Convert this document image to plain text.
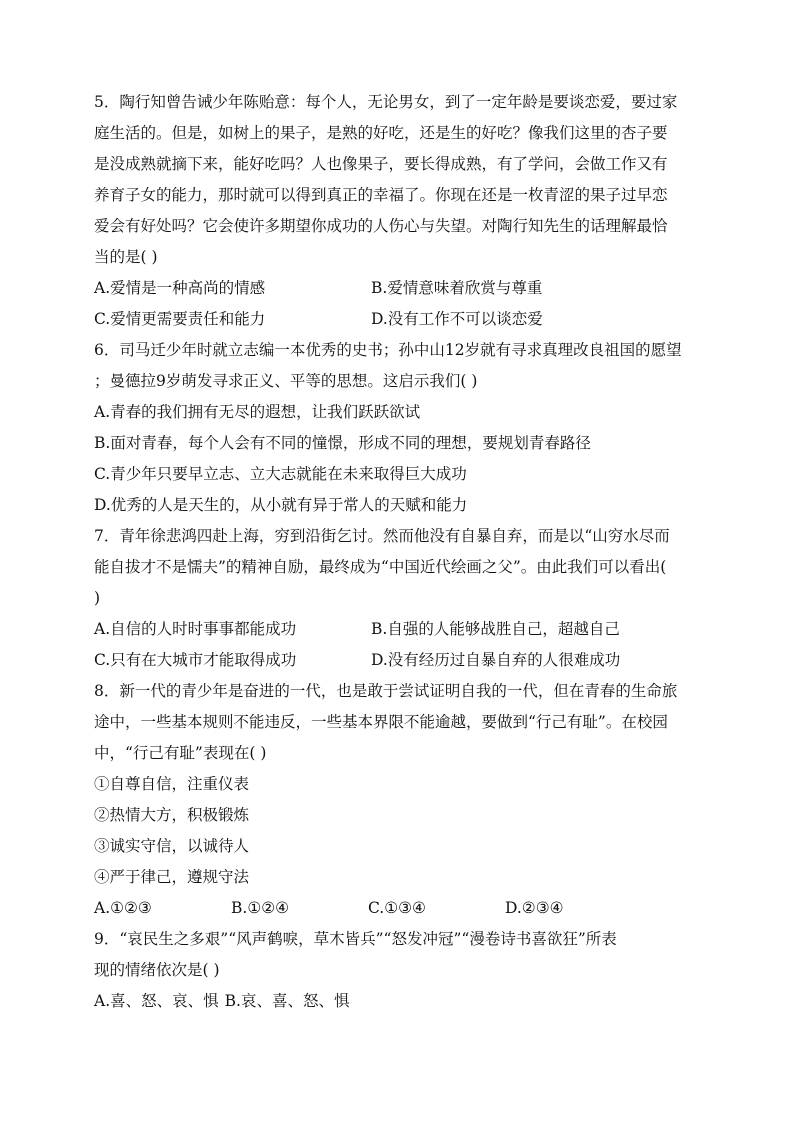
5．陶行知曾告诫少年陈贻意：每个人，无论男女，到了一定年龄是要谈恋爱，要过家
庭生活的。但是，如树上的果子，是熟的好吃，还是生的好吃？像我们这里的杏子要
是没成熟就摘下来，能好吃吗？人也像果子，要长得成熟，有了学问，会做工作又有
养育子女的能力，那时就可以得到真正的幸福了。你现在还是一枚青涩的果子过早恋
爱会有好处吗？它会使许多期望你成功的人伤心与失望。对陶行知先生的话理解最恰
当的是( )
A.爱情是一种高尚的情感	B.爱情意味着欣赏与尊重
C.爱情更需要责任和能力	D.没有工作不可以谈恋爱
6．司马迁少年时就立志编一本优秀的史书；孙中山12岁就有寻求真理改良祖国的愿望
；曼德拉9岁萌发寻求正义、平等的思想。这启示我们( )
A.青春的我们拥有无尽的遐想，让我们跃跃欲试
B.面对青春，每个人会有不同的憧憬，形成不同的理想，要规划青春路径
C.青少年只要早立志、立大志就能在未来取得巨大成功
D.优秀的人是天生的，从小就有异于常人的天赋和能力
7．青年徐悲鸿四赴上海，穷到沿街乞讨。然而他没有自暴自弃，而是以“山穷水尽而
能自拔才不是懦夫”的精神自励，最终成为“中国近代绘画之父”。由此我们可以看出(
)
A.自信的人时时事事都能成功	B.自强的人能够战胜自己，超越自己
C.只有在大城市才能取得成功	D.没有经历过自暴自弃的人很难成功
8．新一代的青少年是奋进的一代，也是敢于尝试证明自我的一代，但在青春的生命旅
途中，一些基本规则不能违反，一些基本界限不能逾越，要做到“行己有耻”。在校园
中，“行己有耻”表现在( )
①自尊自信，注重仪表
②热情大方，积极锻炼
③诚实守信，以诚待人
④严于律己，遵规守法
A.①②③	B.①②④	C.①③④	D.②③④
9．“哀民生之多艰”“风声鹤唳，草木皆兵”“怒发冲冠”“漫卷诗书喜欲狂”所表
现的情绪依次是( )
A.喜、怒、哀、惧 B.哀、喜、怒、惧
